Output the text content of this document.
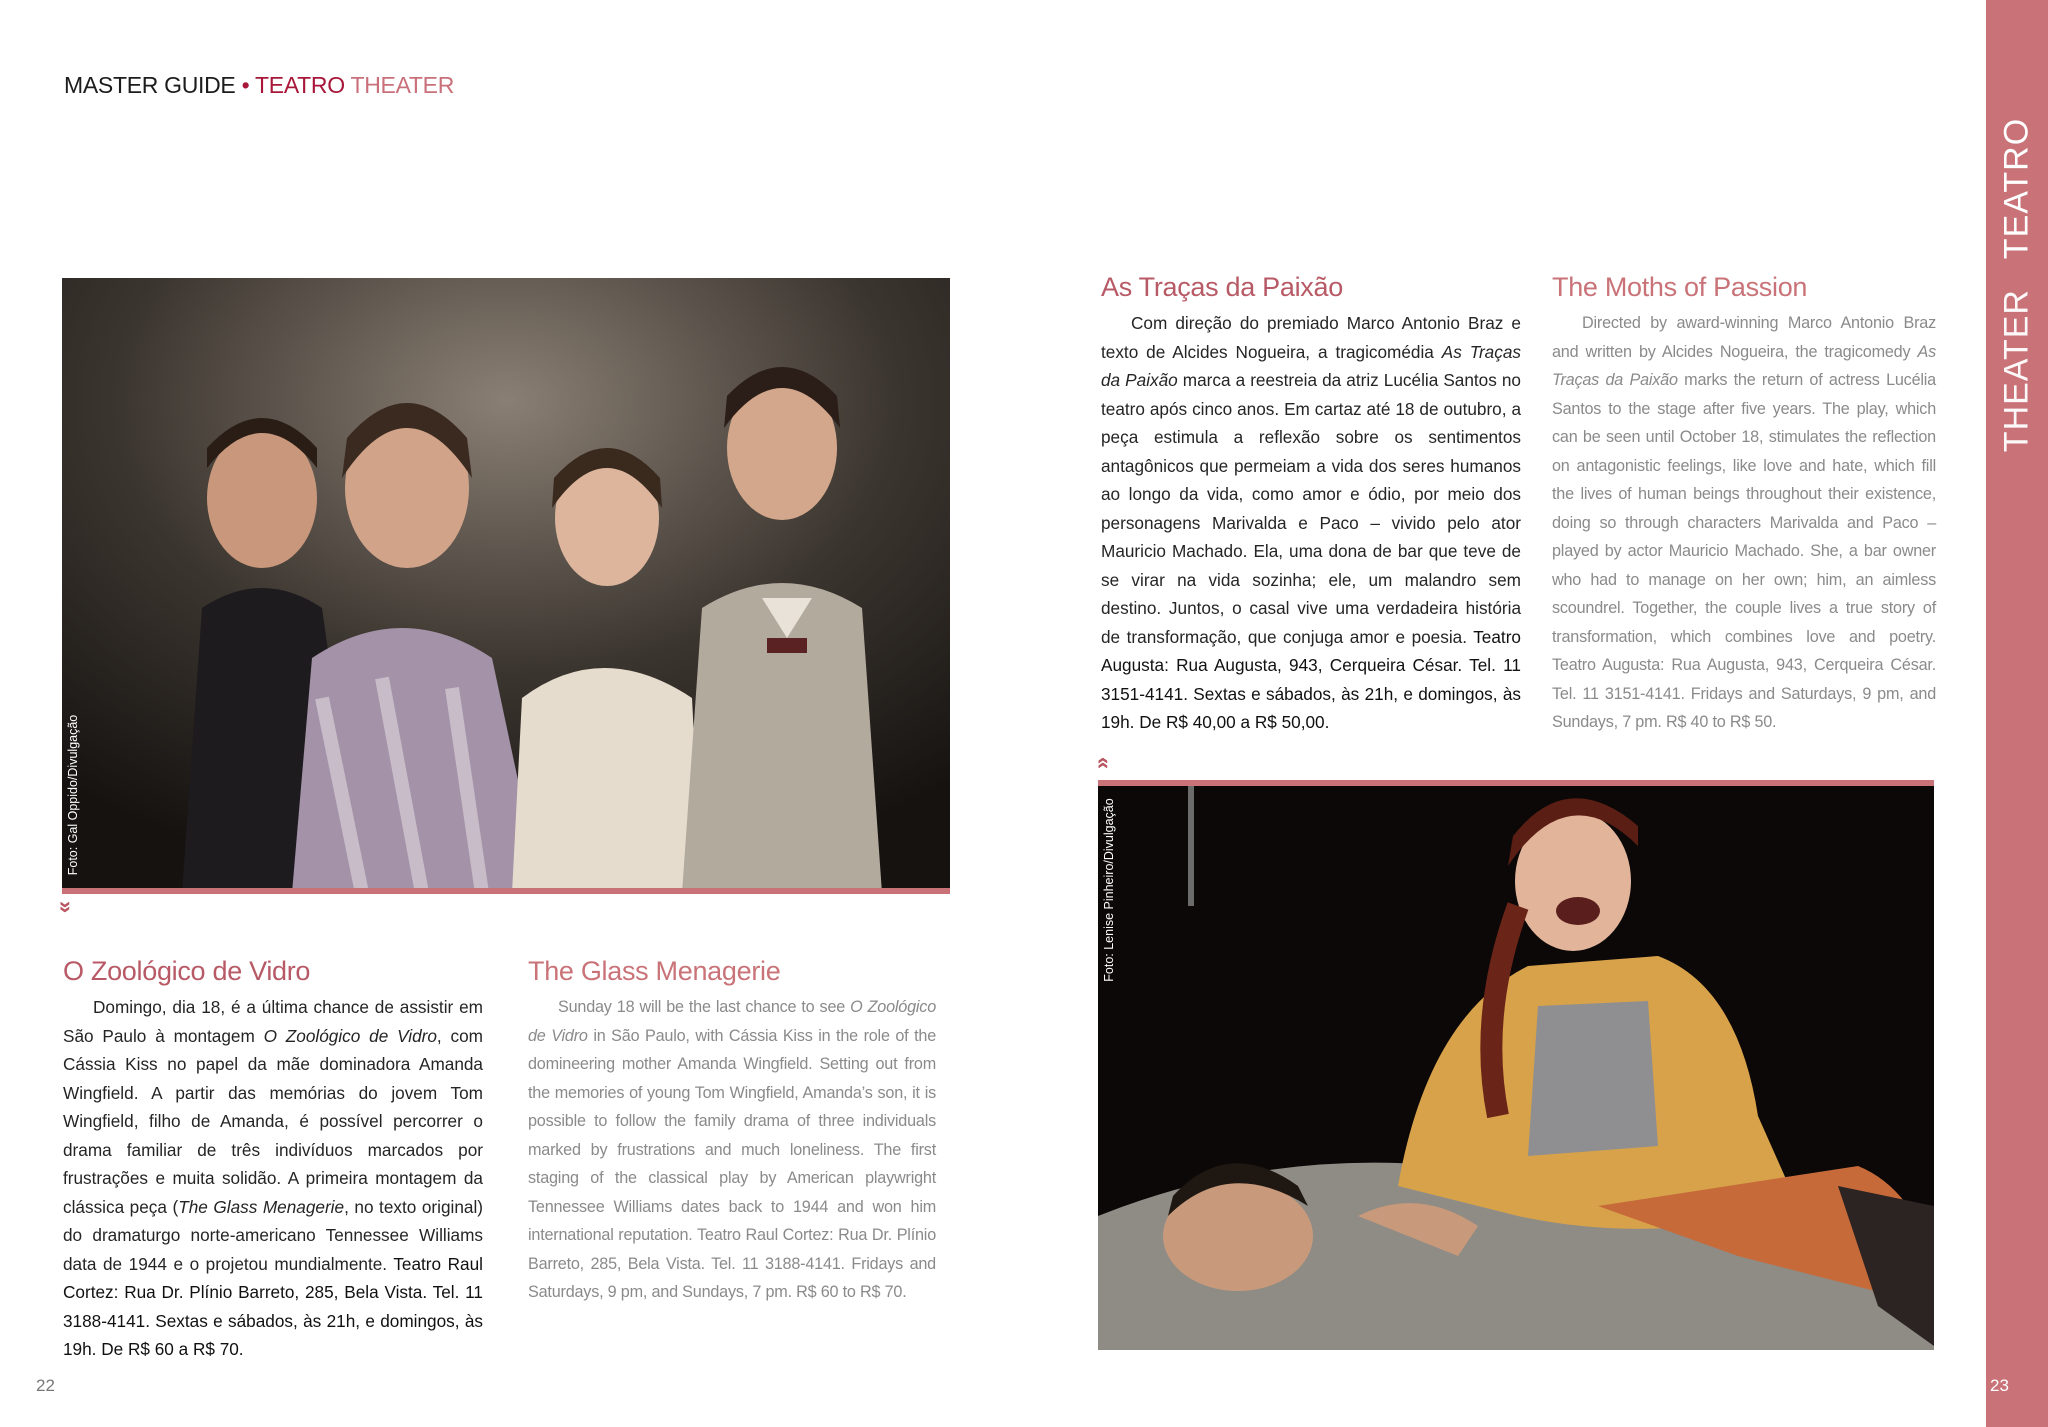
MASTER GUIDE • TEATRO THEATER
THEATER TEATRO
Foto: Gal Oppido/Divulgação
»	Foto: Lenise Pinheiro/Divulgação
«
O Zoológico de Vidro

Domingo, dia 18, é a última chance de assistir em São Paulo à montagem O Zoológico de Vidro, com Cássia Kiss no papel da mãe dominadora Amanda Wingfield. A partir das memórias do jovem Tom Wingfield, filho de Amanda, é possível percorrer o drama familiar de três indivíduos marcados por frustrações e muita solidão. A primeira montagem da clássica peça (The Glass Menagerie, no texto original) do dramaturgo norte-americano Tennessee Williams data de 1944 e o projetou mundialmente. Teatro Raul Cortez: Rua Dr. Plínio Barreto, 285, Bela Vista. Tel. 11 3188-4141. Sextas e sábados, às 21h, e domingos, às 19h. De R$ 60 a R$ 70.

The Glass Menagerie

Sunday 18 will be the last chance to see O Zoológico de Vidro in São Paulo, with Cássia Kiss in the role of the domineering mother Amanda Wingfield. Setting out from the memories of young Tom Wingfield, Amanda’s son, it is possible to follow the family drama of three individuals marked by frustrations and much loneliness. The first staging of the classical play by American playwright Tennessee Williams dates back to 1944 and won him international reputation. Teatro Raul Cortez: Rua Dr. Plínio Barreto, 285, Bela Vista. Tel. 11 3188-4141. Fridays and Saturdays, 9 pm, and Sundays, 7 pm. R$ 60 to R$ 70.

As Traças da Paixão

Com direção do premiado Marco Antonio Braz e texto de Alcides Nogueira, a tragicomédia As Traças da Paixão marca a reestreia da atriz Lucélia Santos no teatro após cinco anos. Em cartaz até 18 de outubro, a peça estimula a reflexão sobre os sentimentos antagônicos que permeiam a vida dos seres humanos ao longo da vida, como amor e ódio, por meio dos personagens Marivalda e Paco – vivido pelo ator Mauricio Machado. Ela, uma dona de bar que teve de se virar na vida sozinha; ele, um malandro sem destino. Juntos, o casal vive uma verdadeira história de transformação, que conjuga amor e poesia. Teatro Augusta: Rua Augusta, 943, Cerqueira César. Tel. 11 3151-4141. Sextas e sábados, às 21h, e domingos, às 19h. De R$ 40,00 a R$ 50,00.

The Moths of Passion

Directed by award-winning Marco Antonio Braz and written by Alcides Nogueira, the tragicomedy As Traças da Paixão marks the return of actress Lucélia Santos to the stage after five years. The play, which can be seen until October 18, stimulates the reflection on antagonistic feelings, like love and hate, which fill the lives of human beings throughout their existence, doing so through characters Marivalda and Paco – played by actor Mauricio Machado. She, a bar owner who had to manage on her own; him, an aimless scoundrel. Together, the couple lives a true story of transformation, which combines love and poetry. Teatro Augusta: Rua Augusta, 943, Cerqueira César. Tel. 11 3151-4141. Fridays and Saturdays, 9 pm, and Sundays, 7 pm. R$ 40 to R$ 50.

22	23
